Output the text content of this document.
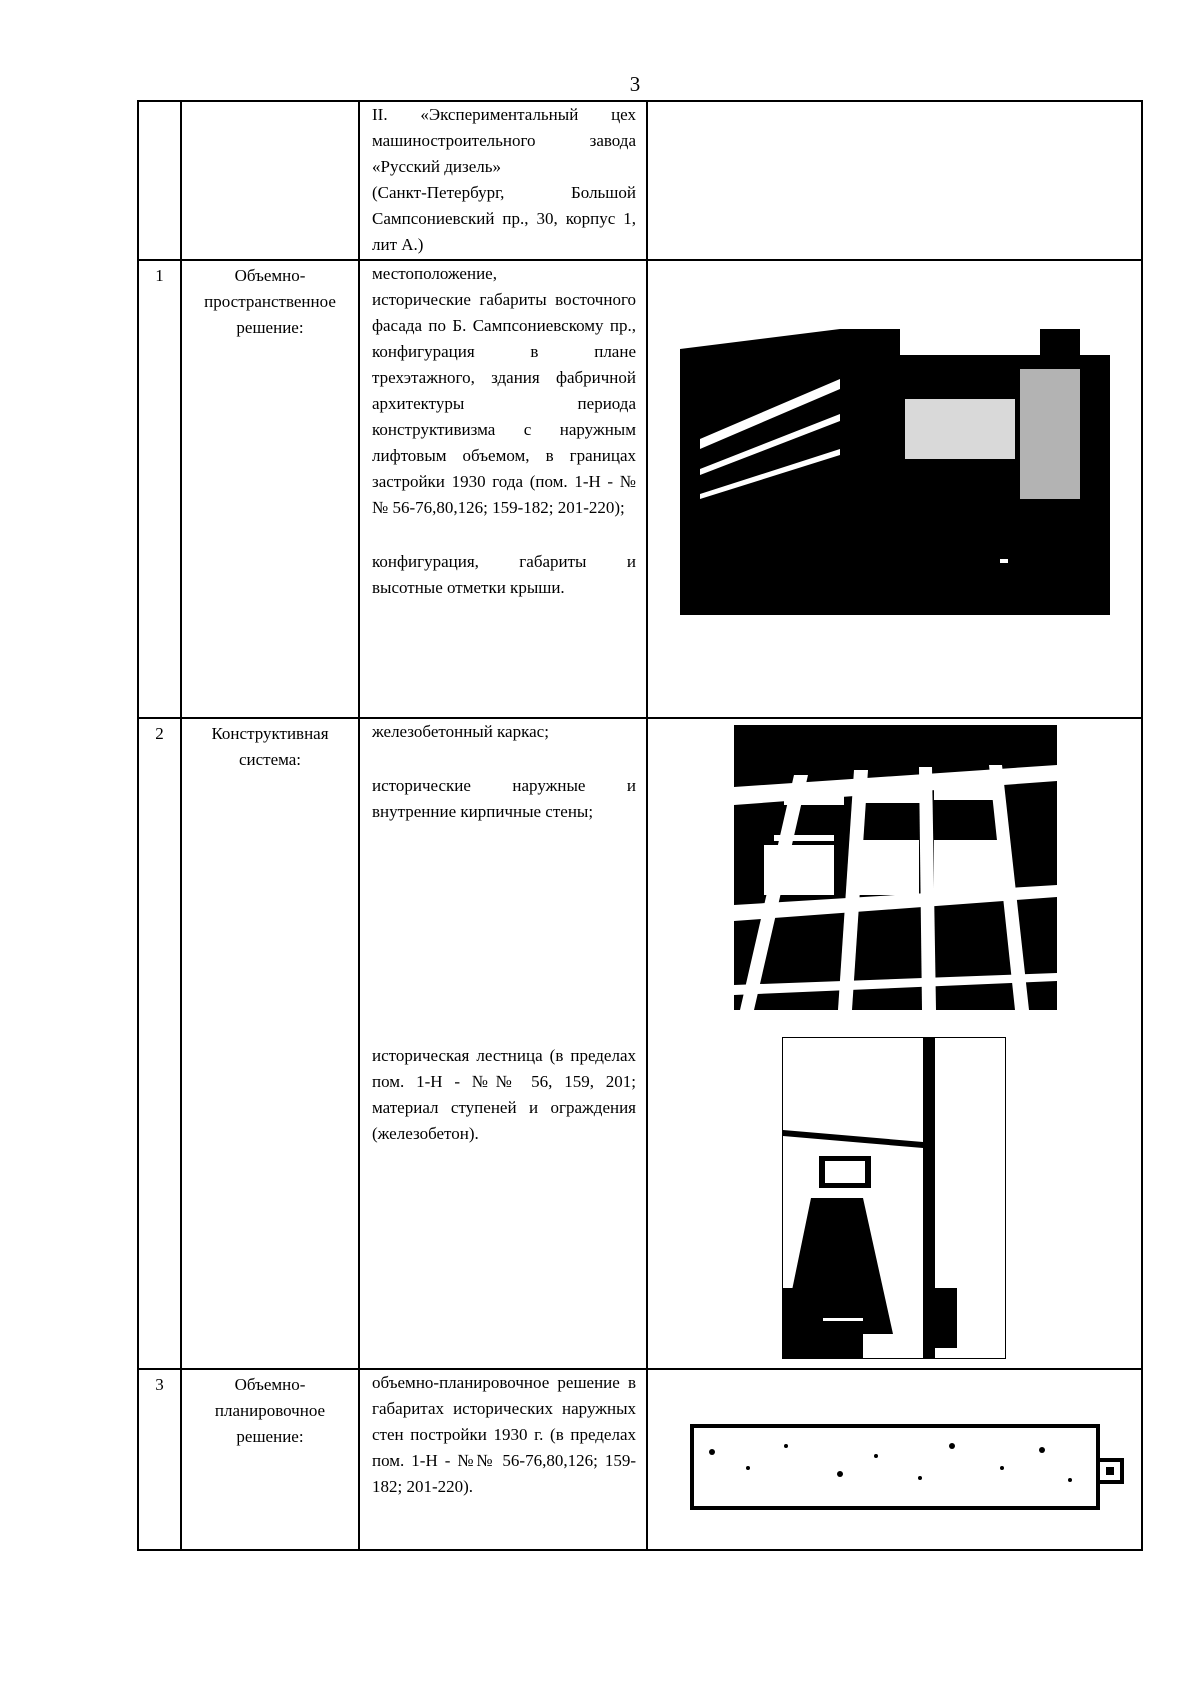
3

		II. «Экспериментальный цех машиностроительного завода «Русский дизель»

(Санкт-Петербург, Большой Сампсониевский пр., 30, корпус 1, лит А.)	

1	Объемно-пространственное решение:	местоположение,

исторические габариты восточного фасада по Б. Сампсониевскому пр., конфигурация в плане трехэтажного, здания фабричной архитектуры периода конструктивизма с наружным лифтовым объемом, в границах застройки 1930 года (пом. 1-Н - №№ 56-76,80,126; 159-182; 201-220);

конфигурация, габариты и высотные отметки крыши.

2	Конструктивная система:	железобетонный каркас;

исторические наружные и внутренние кирпичные стены;

историческая лестница (в пределах пом. 1-Н - №№ 56, 159, 201; материал ступеней и ограждения (железобетон).

3	Объемно-планировочное решение:	объемно-планировочное решение в габаритах исторических наружных стен постройки 1930 г. (в пределах пом. 1-Н - №№ 56-76,80,126; 159-182; 201-220).
